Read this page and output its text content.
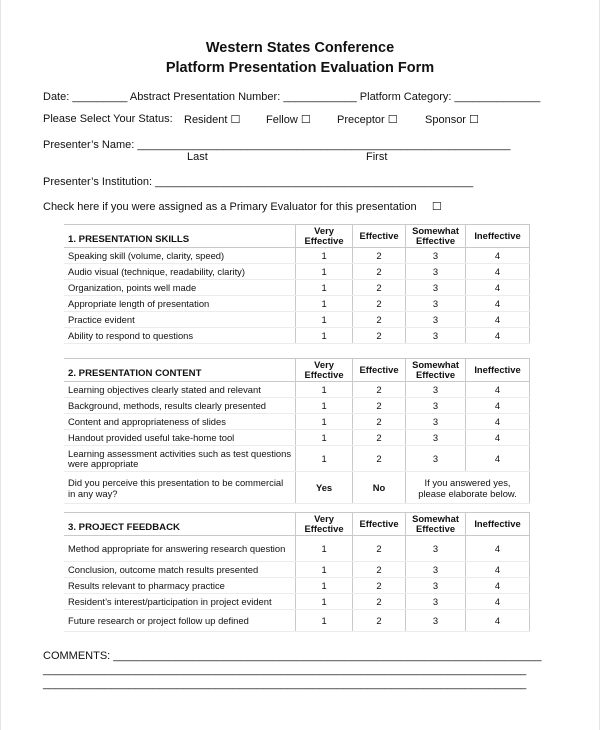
Western States Conference
Platform Presentation Evaluation Form
Date: _________ Abstract Presentation Number: ____________ Platform Category: ______________
Please Select Your Status: Resident ☐ Fellow ☐ Preceptor ☐ Sponsor ☐
Presenter’s Name: _____________________________________________________________
Last	First
Presenter’s Institution: ____________________________________________________
Check here if you were assigned as a Primary Evaluator for this presentation     ☐
1. PRESENTATION SKILLS	Very Effective	Effective	Somewhat Effective	Ineffective
Speaking skill (volume, clarity, speed)	1	2	3	4
Audio visual (technique, readability, clarity)	1	2	3	4
Organization, points well made	1	2	3	4
Appropriate length of presentation	1	2	3	4
Practice evident	1	2	3	4
Ability to respond to questions	1	2	3	4

2. PRESENTATION CONTENT	Very Effective	Effective	Somewhat Effective	Ineffective
Learning objectives clearly stated and relevant	1	2	3	4
Background, methods, results clearly presented	1	2	3	4
Content and appropriateness of slides	1	2	3	4
Handout provided useful take-home tool	1	2	3	4
Learning assessment activities such as test questions were appropriate	1	2	3	4
Did you perceive this presentation to be commercial in any way?	Yes	No	If you answered yes, please elaborate below.	

3. PROJECT FEEDBACK	Very Effective	Effective	Somewhat Effective	Ineffective
Method appropriate for answering research question	1	2	3	4
Conclusion, outcome match results presented	1	2	3	4
Results relevant to pharmacy practice	1	2	3	4
Resident’s interest/participation in project evident	1	2	3	4
Future research or project follow up defined	1	2	3	4
COMMENTS: ______________________________________________________________________
_______________________________________________________________________________
_______________________________________________________________________________
